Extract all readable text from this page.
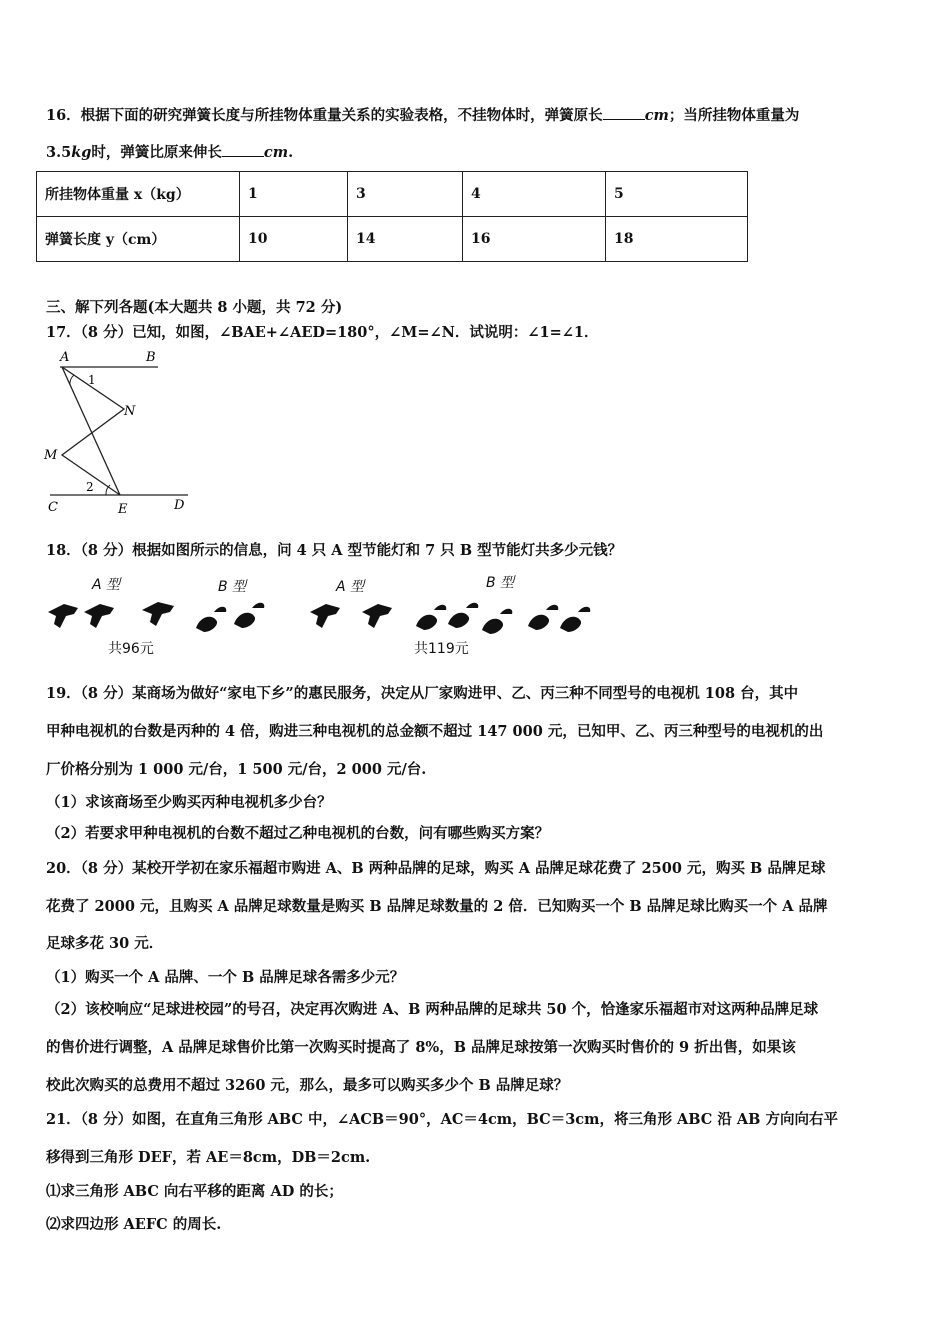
16．根据下面的研究弹簧长度与所挂物体重量关系的实验表格，不挂物体时，弹簧原长	cm；当所挂物体重量为
3.5kg时，弹簧比原来伸长	cm.
所挂物体重量 x（kg）	1	3	4	5
弹簧长度 y（cm）	10	14	16	18
三、解下列各题(本大题共 8 小题，共 72 分)
17．（8 分）已知，如图，∠BAE+∠AED=180°，∠M=∠N．试说明：∠1=∠1．
A	B
N
M
C	E	D
1
2
18．（8 分）根据如图所示的信息，问 4 只 A 型节能灯和 7 只 B 型节能灯共多少元钱？
A 型	B 型	A 型	B 型
共96元	共119元
19．（8 分）某商场为做好“家电下乡”的惠民服务，决定从厂家购进甲、乙、丙三种不同型号的电视机 108 台，其中
甲种电视机的台数是丙种的 4 倍，购进三种电视机的总金额不超过 147 000 元，已知甲、乙、丙三种型号的电视机的出
厂价格分别为 1 000 元/台，1 500 元/台，2 000 元/台.
（1）求该商场至少购买丙种电视机多少台？
（2）若要求甲种电视机的台数不超过乙种电视机的台数，问有哪些购买方案？
20．（8 分）某校开学初在家乐福超市购进 A、B 两种品牌的足球，购买 A 品牌足球花费了 2500 元，购买 B 品牌足球
花费了 2000 元，且购买 A 品牌足球数量是购买 B 品牌足球数量的 2 倍．已知购买一个 B 品牌足球比购买一个 A 品牌
足球多花 30 元．
（1）购买一个 A 品牌、一个 B 品牌足球各需多少元？
（2）该校响应“足球进校园”的号召，决定再次购进 A、B 两种品牌的足球共 50 个，恰逢家乐福超市对这两种品牌足球
的售价进行调整，A 品牌足球售价比第一次购买时提高了 8%，B 品牌足球按第一次购买时售价的 9 折出售，如果该
校此次购买的总费用不超过 3260 元，那么，最多可以购买多少个 B 品牌足球？
21．（8 分）如图，在直角三角形 ABC 中，∠ACB＝90°，AC＝4cm，BC＝3cm，将三角形 ABC 沿 AB 方向向右平
移得到三角形 DEF，若 AE＝8cm，DB＝2cm.
⑴求三角形 ABC 向右平移的距离 AD 的长；
⑵求四边形 AEFC 的周长.
